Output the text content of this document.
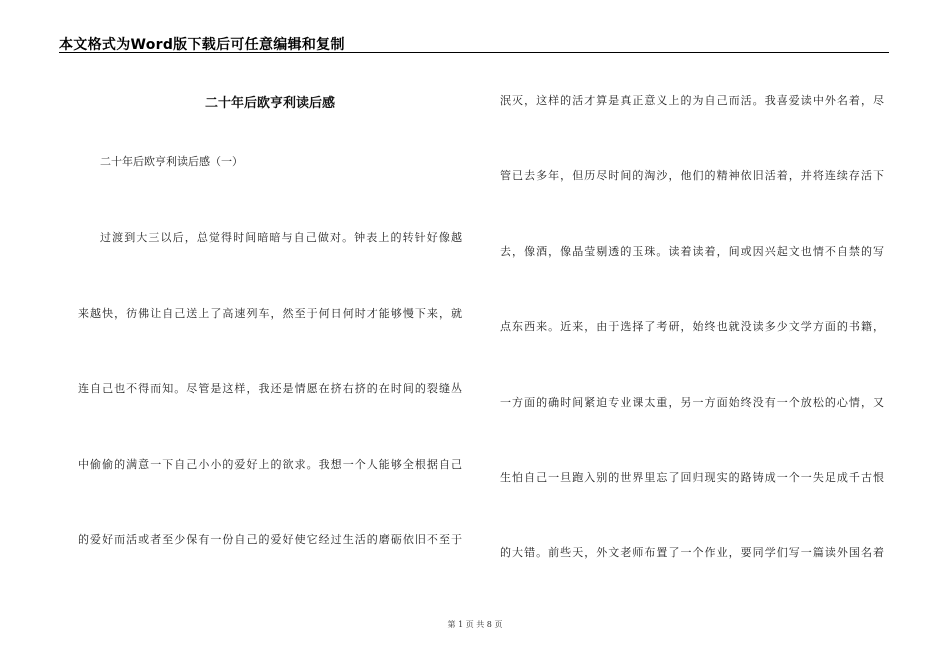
本文格式为Word版下载后可任意编辑和复制
二十年后欧亨利读后感
二十年后欧亨利读后感（一）
过渡到大三以后，总觉得时间暗暗与自己做对。钟表上的转针好像越
来越快，彷佛让自己送上了高速列车，然至于何日何时才能够慢下来，就
连自己也不得而知。尽管是这样，我还是情愿在挤右挤的在时间的裂缝丛
中偷偷的满意一下自己小小的爱好上的欲求。我想一个人能够全根据自己
的爱好而活或者至少保有一份自己的爱好使它经过生活的磨砺依旧不至于
泯灭，这样的活才算是真正意义上的为自己而活。我喜爱读中外名着，尽
管已去多年，但历尽时间的淘沙，他们的精神依旧活着，并将连续存活下
去，像酒，像晶莹剔透的玉珠。读着读着，间或因兴起文也情不自禁的写
点东西来。近来，由于选择了考研，始终也就没读多少文学方面的书籍，
一方面的确时间紧迫专业课太重，另一方面始终没有一个放松的心情，又
生怕自己一旦跑入别的世界里忘了回归现实的路铸成一个一失足成千古恨
的大错。前些天，外文老师布置了一个作业，要同学们写一篇读外国名着
第 1 页 共 8 页
